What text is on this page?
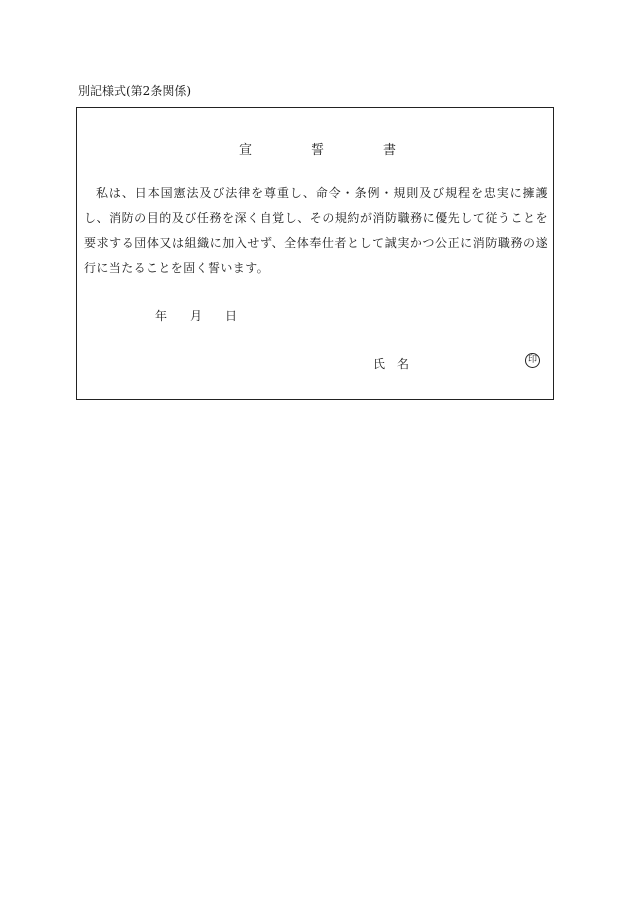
別記様式(第2条関係)
宣	誓	書
私は、日本国憲法及び法律を尊重し、命令・条例・規則及び規程を忠実に擁護し、消防の目的及び任務を深く自覚し、その規約が消防職務に優先して従うことを要求する団体又は組織に加入せず、全体奉仕者として誠実かつ公正に消防職務の遂行に当たることを固く誓います。
年 月 日
氏 名	印
